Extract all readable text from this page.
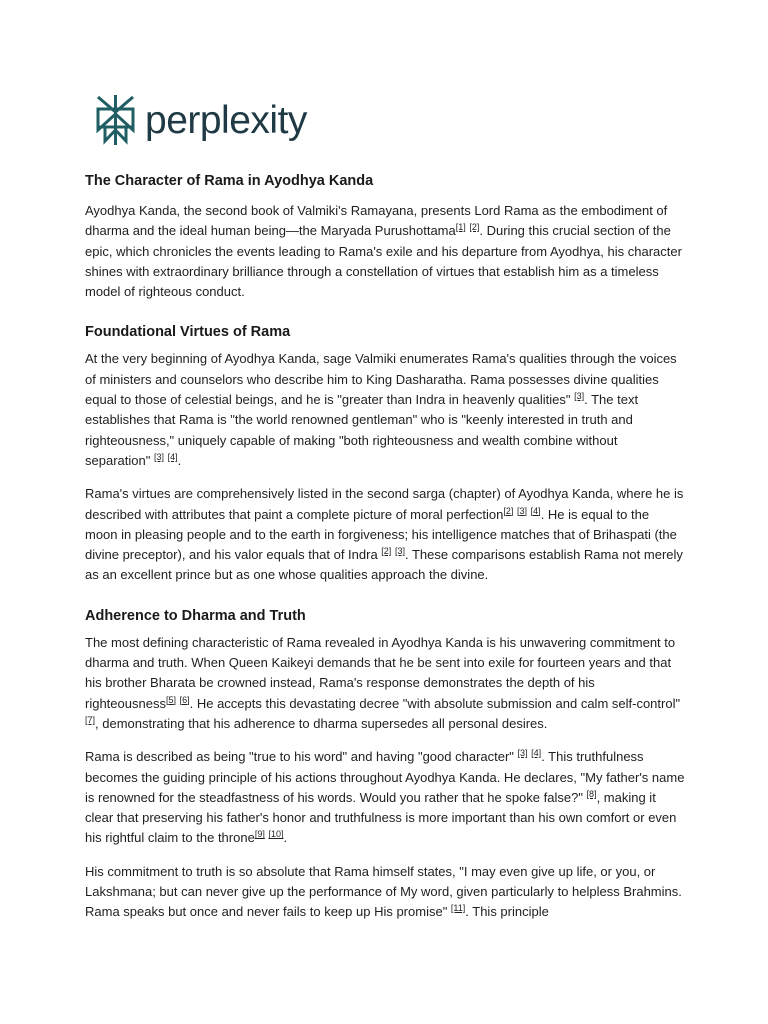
perplexity
The Character of Rama in Ayodhya Kanda

Ayodhya Kanda, the second book of Valmiki's Ramayana, presents Lord Rama as the embodiment of dharma and the ideal human being—the Maryada Purushottama[1] [2]. During this crucial section of the epic, which chronicles the events leading to Rama's exile and his departure from Ayodhya, his character shines with extraordinary brilliance through a constellation of virtues that establish him as a timeless model of righteous conduct.

Foundational Virtues of Rama

At the very beginning of Ayodhya Kanda, sage Valmiki enumerates Rama's qualities through the voices of ministers and counselors who describe him to King Dasharatha. Rama possesses divine qualities equal to those of celestial beings, and he is "greater than Indra in heavenly qualities" [3]. The text establishes that Rama is "the world renowned gentleman" who is "keenly interested in truth and righteousness," uniquely capable of making "both righteousness and wealth combine without separation" [3] [4].

Rama's virtues are comprehensively listed in the second sarga (chapter) of Ayodhya Kanda, where he is described with attributes that paint a complete picture of moral perfection[2] [3] [4]. He is equal to the moon in pleasing people and to the earth in forgiveness; his intelligence matches that of Brihaspati (the divine preceptor), and his valor equals that of Indra [2] [3]. These comparisons establish Rama not merely as an excellent prince but as one whose qualities approach the divine.

Adherence to Dharma and Truth

The most defining characteristic of Rama revealed in Ayodhya Kanda is his unwavering commitment to dharma and truth. When Queen Kaikeyi demands that he be sent into exile for fourteen years and that his brother Bharata be crowned instead, Rama's response demonstrates the depth of his righteousness[5] [6]. He accepts this devastating decree "with absolute submission and calm self-control" [7], demonstrating that his adherence to dharma supersedes all personal desires.

Rama is described as being "true to his word" and having "good character" [3] [4]. This truthfulness becomes the guiding principle of his actions throughout Ayodhya Kanda. He declares, "My father's name is renowned for the steadfastness of his words. Would you rather that he spoke false?" [8], making it clear that preserving his father's honor and truthfulness is more important than his own comfort or even his rightful claim to the throne[9] [10].

His commitment to truth is so absolute that Rama himself states, "I may even give up life, or you, or Lakshmana; but can never give up the performance of My word, given particularly to helpless Brahmins. Rama speaks but once and never fails to keep up His promise" [11]. This principle
